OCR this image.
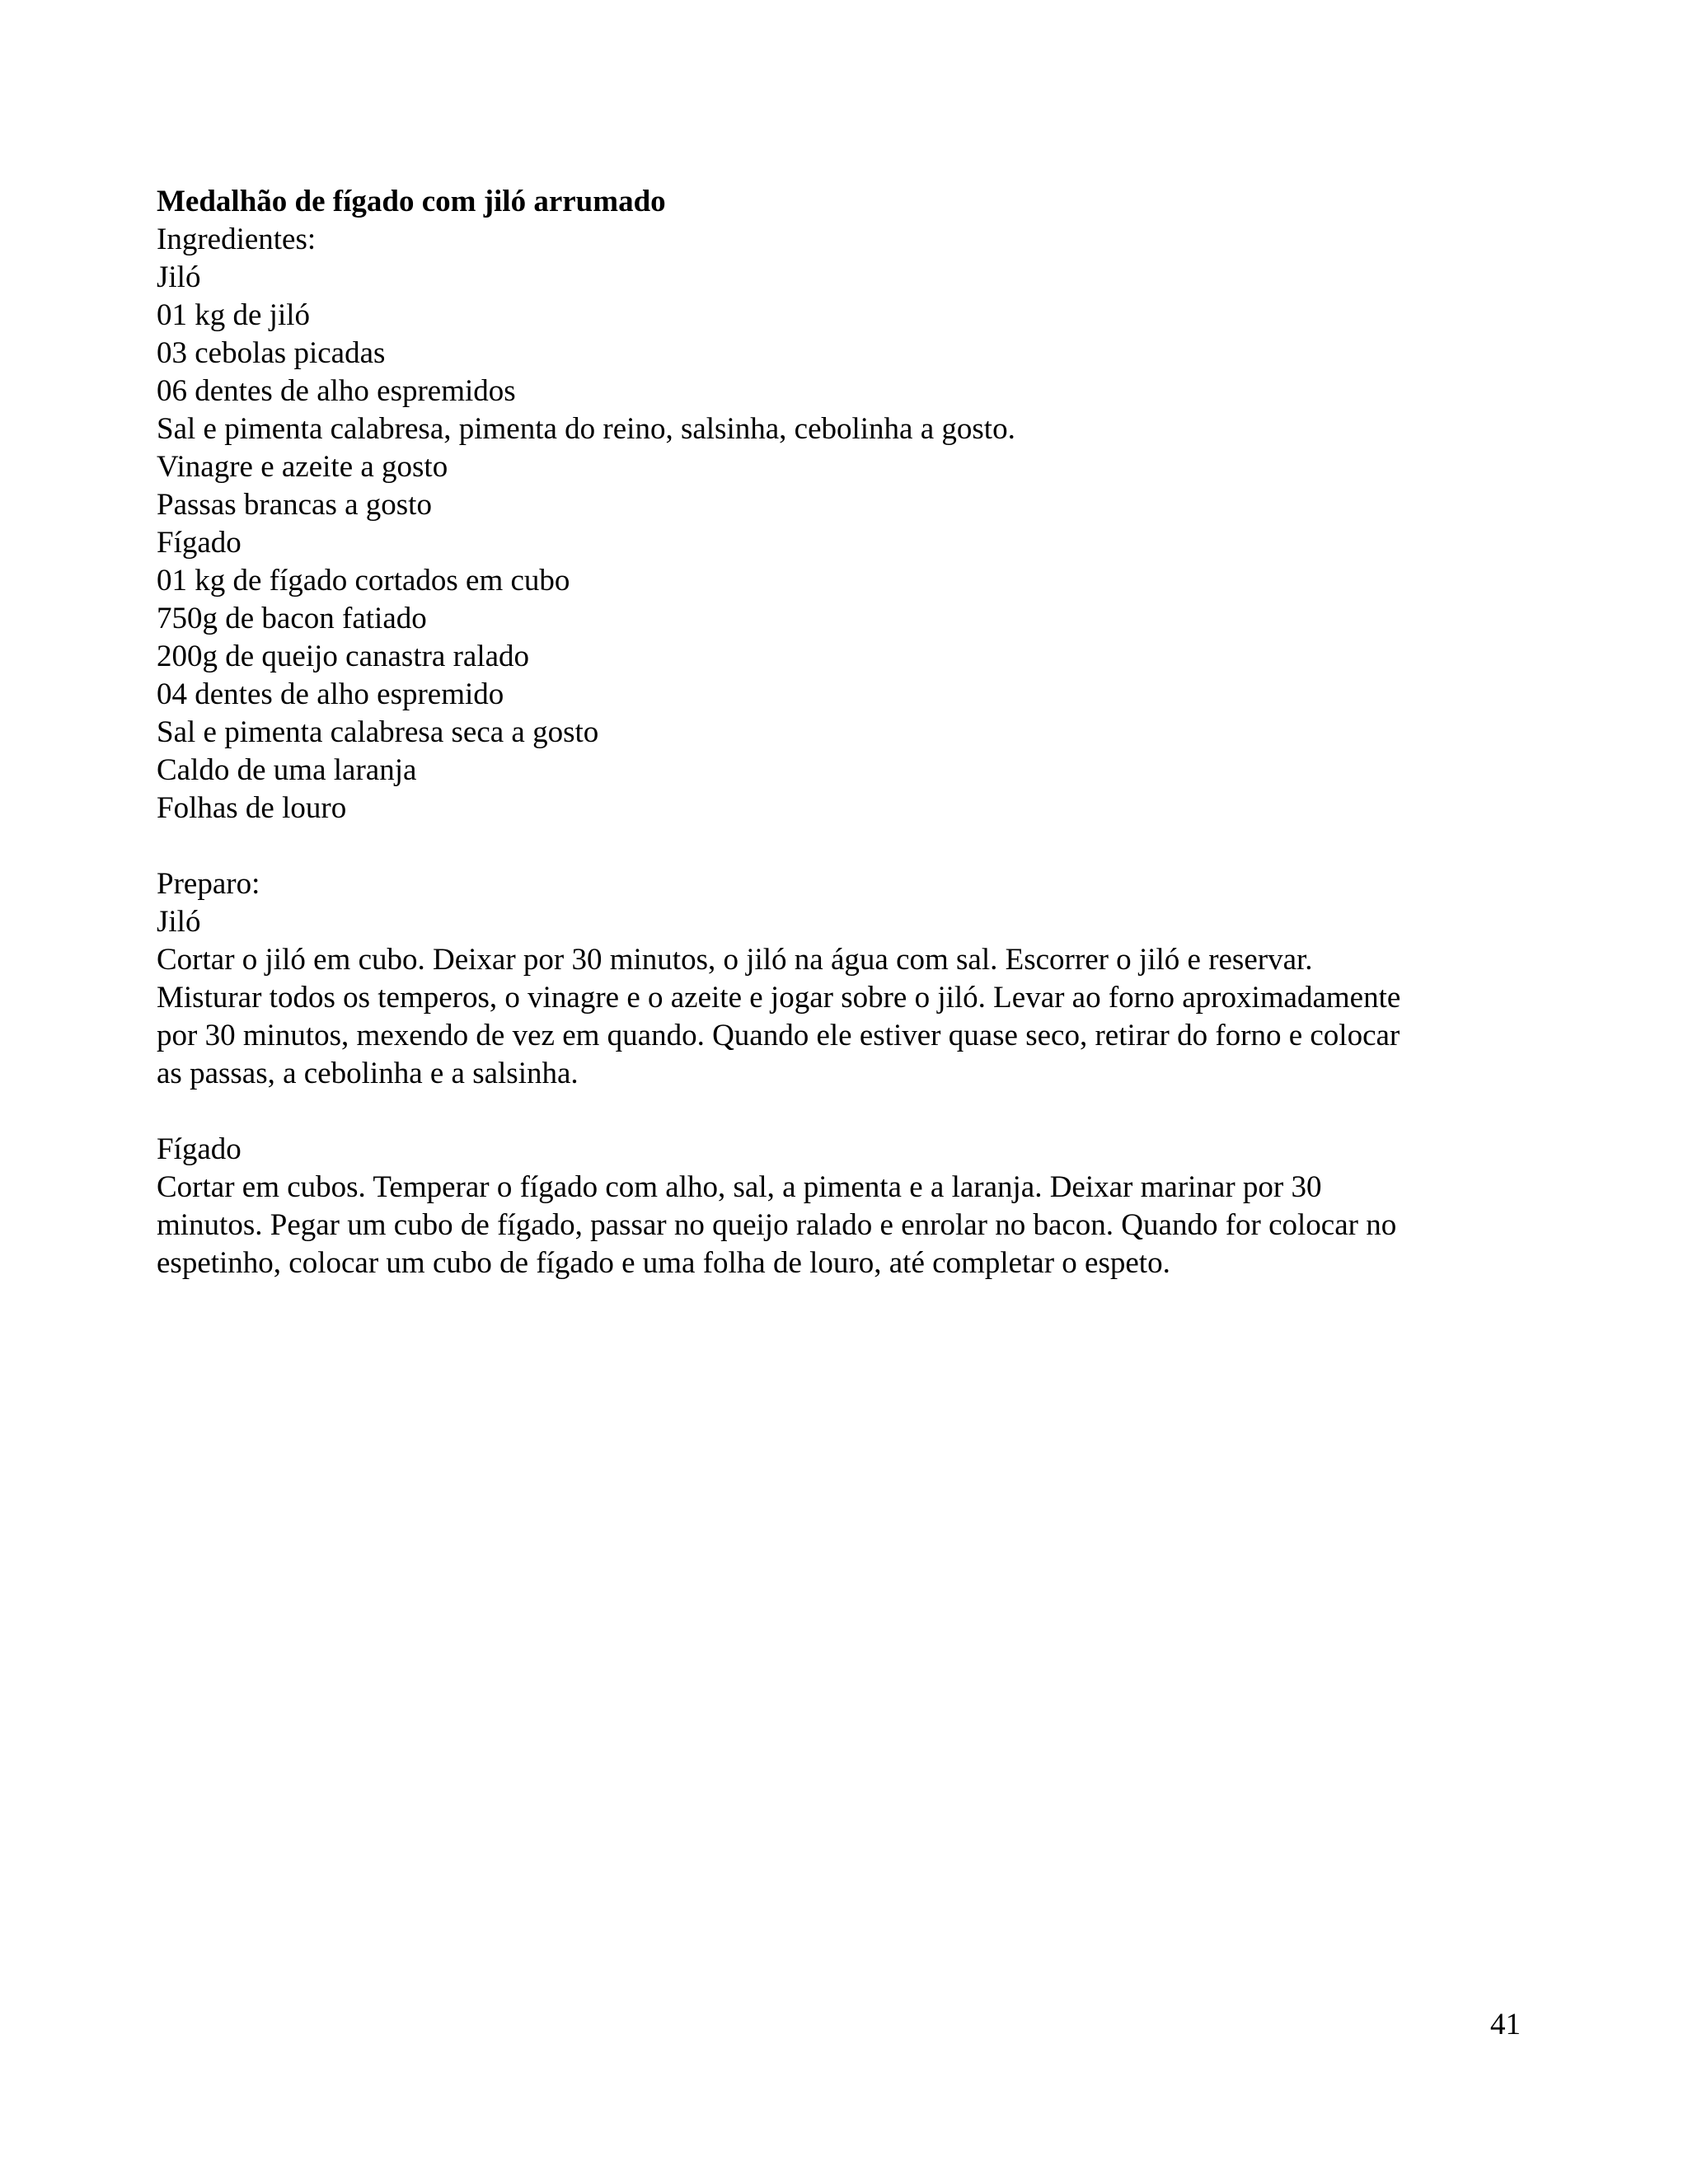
Medalhão de fígado com jiló arrumado

Ingredientes:

Jiló

01 kg de jiló

03 cebolas picadas

06 dentes de alho espremidos

Sal e pimenta calabresa, pimenta do reino, salsinha, cebolinha a gosto.

Vinagre e azeite a gosto

Passas brancas a gosto

Fígado

01 kg de fígado cortados em cubo

750g de bacon fatiado

200g de queijo canastra ralado

04 dentes de alho espremido

Sal e pimenta calabresa seca a gosto

Caldo de uma laranja

Folhas de louro

Preparo:

Jiló

Cortar o jiló em cubo. Deixar por 30 minutos, o jiló na água com sal. Escorrer o jiló e reservar.

Misturar todos os temperos, o vinagre e o azeite e jogar sobre o jiló. Levar ao forno aproximadamente

por 30 minutos, mexendo de vez em quando. Quando ele estiver quase seco, retirar do forno e colocar

as passas, a cebolinha e a salsinha.

Fígado

Cortar em cubos. Temperar o fígado com alho, sal, a pimenta e a laranja. Deixar marinar por 30

minutos. Pegar um cubo de fígado, passar no queijo ralado e enrolar no bacon. Quando for colocar no

espetinho, colocar um cubo de fígado e uma folha de louro, até completar o espeto.

41
